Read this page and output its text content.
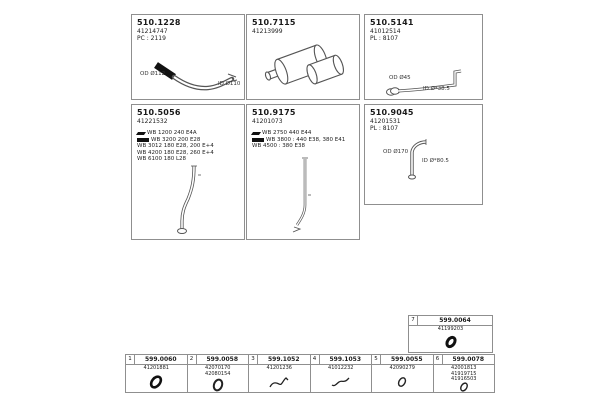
510.1228
41214747
PC : 2119
OD Ø112
ID Ø110
510.7115
41213999
510.5141
41012514
PL : 8107
OD Ø45
ID Ø*38.5
510.5056
41221532
WB 1200 240 E4A
WB 3200 200 E28
WB 3012 180 E28, 200 E+4
WB 4200 180 E28, 260 E+4
WB 6100 180 L28
510.9175
41201073
WB 2750 440 E44
WB 3800 : 440 E38, 380 E41
WB 4500 : 380 E38
510.9045
41201531
PL : 8107
OD Ø170
ID Ø*80.5
7	599.0064
41199203
1	599.0060
41201881
2	599.0058
42070170
42080154
3	599.1052
41201236
4	599.1053
41012232
5	599.0055
42090279
6	599.0078
42001813
41919715
41916503
